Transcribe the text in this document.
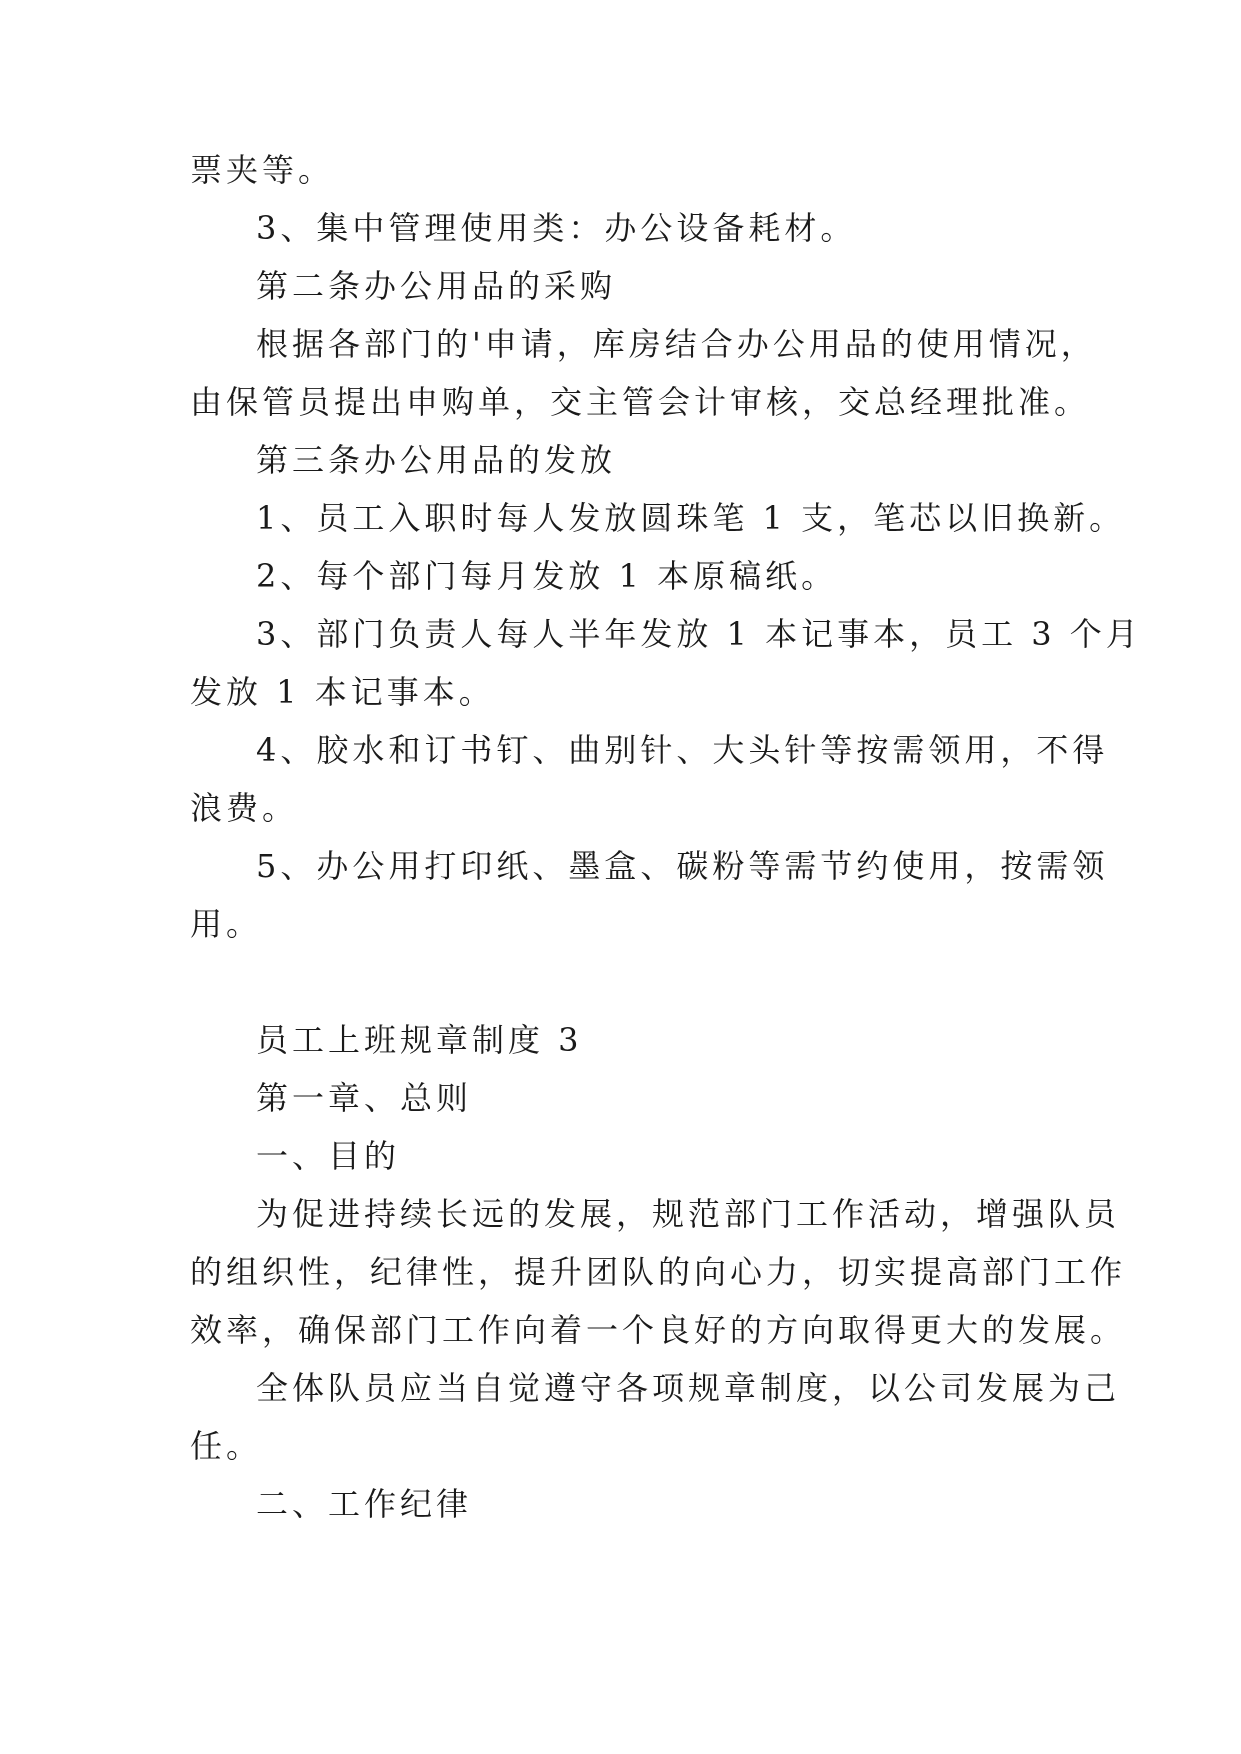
票夹等。
3、集中管理使用类：办公设备耗材。
第二条办公用品的采购
根据各部门的'申请，库房结合办公用品的使用情况，
由保管员提出申购单，交主管会计审核，交总经理批准。
第三条办公用品的发放
1、员工入职时每人发放圆珠笔 1 支，笔芯以旧换新。
2、每个部门每月发放 1 本原稿纸。
3、部门负责人每人半年发放 1 本记事本，员工 3 个月
发放 1 本记事本。
4、胶水和订书钉、曲别针、大头针等按需领用，不得
浪费。
5、办公用打印纸、墨盒、碳粉等需节约使用，按需领
用。
员工上班规章制度 3
第一章、总则
一、目的
为促进持续长远的发展，规范部门工作活动，增强队员
的组织性，纪律性，提升团队的向心力，切实提高部门工作
效率，确保部门工作向着一个良好的方向取得更大的发展。
全体队员应当自觉遵守各项规章制度，以公司发展为己
任。
二、工作纪律
